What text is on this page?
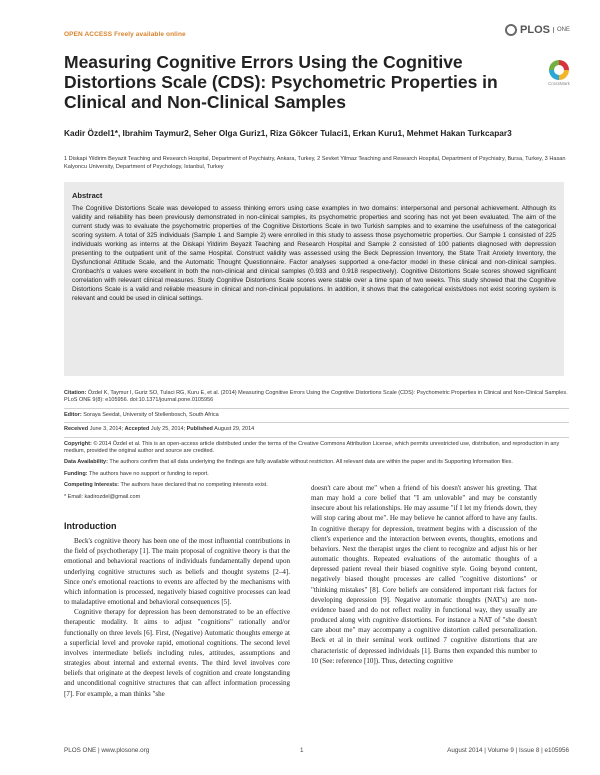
OPEN ACCESS Freely available online	PLOS	ONE
Measuring Cognitive Errors Using the Cognitive Distortions Scale (CDS): Psychometric Properties in Clinical and Non-Clinical Samples
CrossMark
Kadir Özdel1*, Ibrahim Taymur2, Seher Olga Guriz1, Riza Gökcer Tulaci1, Erkan Kuru1, Mehmet Hakan Turkcapar3
1 Diskapi Yildirim Beyazit Teaching and Research Hospital, Department of Psychiatry, Ankara, Turkey, 2 Sevket Yilmaz Teaching and Research Hospital, Department of Psychiatry, Bursa, Turkey, 3 Hasan Kalyoncu University, Department of Psychology, Istanbul, Turkey
Abstract
The Cognitive Distortions Scale was developed to assess thinking errors using case examples in two domains: interpersonal and personal achievement. Although its validity and reliability has been previously demonstrated in non-clinical samples, its psychometric properties and scoring has not yet been evaluated. The aim of the current study was to evaluate the psychometric properties of the Cognitive Distortions Scale in two Turkish samples and to examine the usefulness of the categorical scoring system. A total of 325 individuals (Sample 1 and Sample 2) were enrolled in this study to assess those psychometric properties. Our Sample 1 consisted of 225 individuals working as interns at the Diskapi Yildirim Beyazit Teaching and Research Hospital and Sample 2 consisted of 100 patients diagnosed with depression presenting to the outpatient unit of the same Hospital. Construct validity was assessed using the Beck Depression Inventory, the State Trait Anxiety Inventory, the Dysfunctional Attitude Scale, and the Automatic Thought Questionnaire. Factor analyses supported a one-factor model in these clinical and non-clinical samples. Cronbach's α values were excellent in both the non-clinical and clinical samples (0.933 and 0.918 respectively). Cognitive Distortions Scale scores showed significant correlation with relevant clinical measures. Study Cognitive Distortions Scale scores were stable over a time span of two weeks. This study showed that the Cognitive Distortions Scale is a valid and reliable measure in clinical and non-clinical populations. In addition, it shows that the categorical exists/does not exist scoring system is relevant and could be used in clinical settings.

Citation: Özdel K, Taymur I, Guriz SO, Tulaci RG, Kuru E, et al. (2014) Measuring Cognitive Errors Using the Cognitive Distortions Scale (CDS): Psychometric Properties in Clinical and Non-Clinical Samples. PLoS ONE 9(8): e105956. doi:10.1371/journal.pone.0105956

Editor: Soraya Seedat, University of Stellenbosch, South Africa

Received June 3, 2014; Accepted July 25, 2014; Published August 29, 2014

Copyright: © 2014 Özdel et al. This is an open-access article distributed under the terms of the Creative Commons Attribution License, which permits unrestricted use, distribution, and reproduction in any medium, provided the original author and source are credited.

Data Availability: The authors confirm that all data underlying the findings are fully available without restriction. All relevant data are within the paper and its Supporting Information files.

Funding: The authors have no support or funding to report.

Competing Interests: The authors have declared that no competing interests exist.

* Email: kadirozdel@gmail.com

Introduction

Beck's cognitive theory has been one of the most influential contributions in the field of psychotherapy [1]. The main proposal of cognitive theory is that the emotional and behavioral reactions of individuals fundamentally depend upon underlying cognitive structures such as beliefs and thought systems [2–4]. Since one's emotional reactions to events are affected by the mechanisms with which information is processed, negatively biased cognitive processes can lead to maladaptive emotional and behavioral consequences [5].

Cognitive therapy for depression has been demonstrated to be an effective therapeutic modality. It aims to adjust "cognitions" rationally and/or functionally on three levels [6]. First, (Negative) Automatic thoughts emerge at a superficial level and provoke rapid, emotional cognitions. The second level involves intermediate beliefs including rules, attitudes, assumptions and strategies about internal and external events. The third level involves core beliefs that originate at the deepest levels of cognition and create longstanding and unconditional cognitive structures that can affect information processing [7]. For example, a man thinks "she

doesn't care about me" when a friend of his doesn't answer his greeting. That man may hold a core belief that "I am unlovable" and may be constantly insecure about his relationships. He may assume "if I let my friends down, they will stop caring about me". He may believe he cannot afford to have any faults. In cognitive therapy for depression, treatment begins with a discussion of the client's experience and the interaction between events, thoughts, emotions and behaviors. Next the therapist urges the client to recognize and adjust his or her automatic thoughts. Repeated evaluations of the automatic thoughts of a depressed patient reveal their biased cognitive style. Going beyond content, negatively biased thought processes are called "cognitive distortions" or "thinking mistakes" [8]. Core beliefs are considered important risk factors for developing depression [9]. Negative automatic thoughts (NAT's) are non-evidence based and do not reflect reality in functional way, they usually are produced along with cognitive distortions. For instance a NAT of "she doesn't care about me" may accompany a cognitive distortion called personalization. Beck et al in their seminal work outlined 7 cognitive distortions that are characteristic of depressed individuals [1]. Burns then expanded this number to 10 (See: reference [10]). Thus, detecting cognitive

PLOS ONE | www.plosone.org	1	August 2014 | Volume 9 | Issue 8 | e105956
